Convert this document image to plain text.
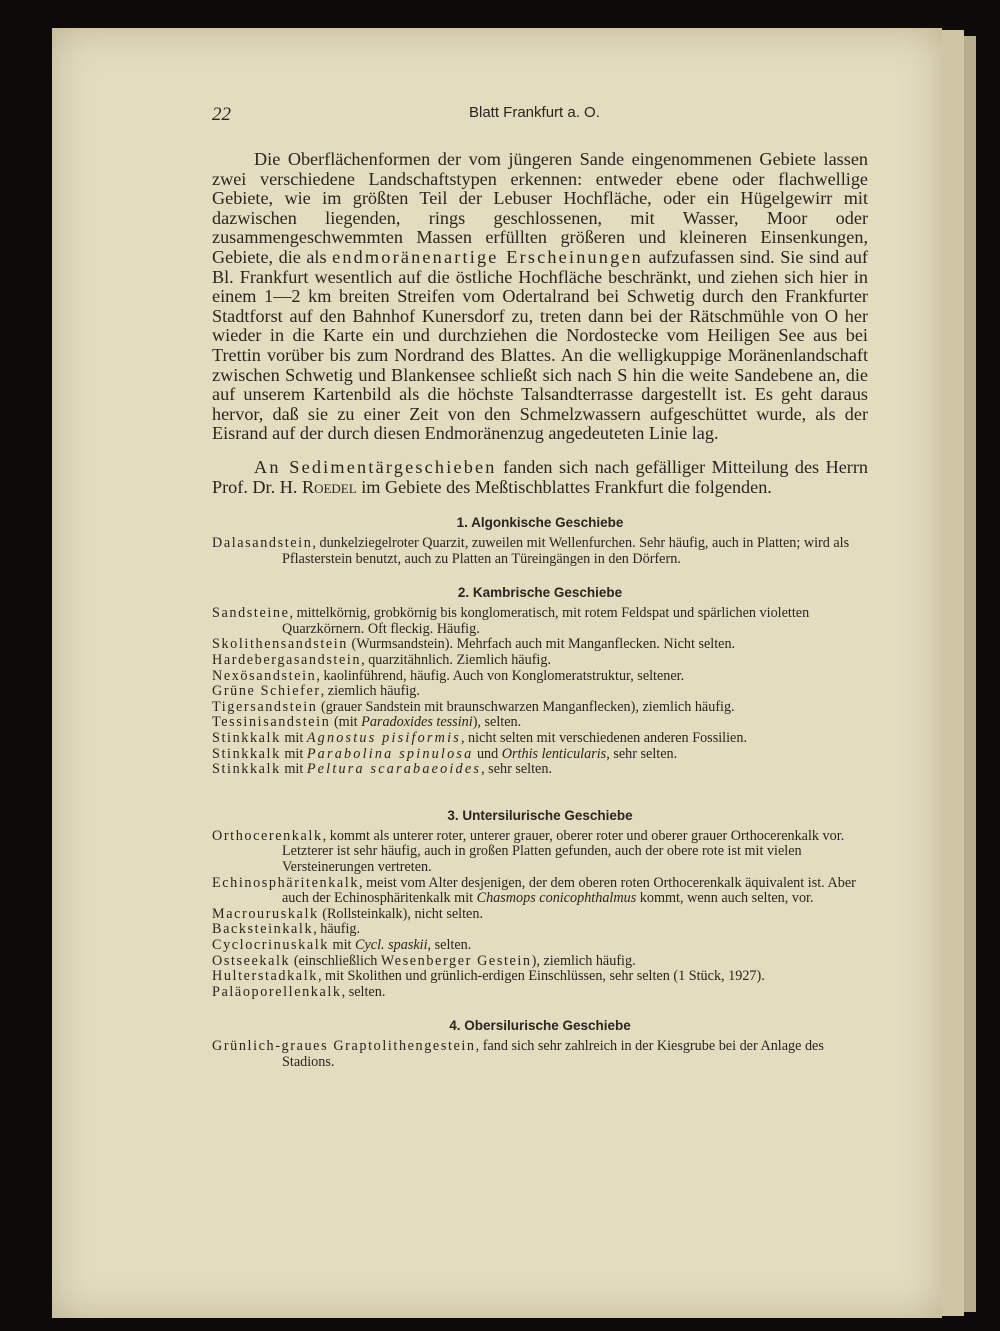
22	Blatt Frankfurt a. O.

Die Oberflächenformen der vom jüngeren Sande eingenommenen Gebiete lassen zwei verschiedene Landschaftstypen erkennen: entweder ebene oder flachwellige Gebiete, wie im größten Teil der Lebuser Hochfläche, oder ein Hügelgewirr mit dazwischen liegenden, rings geschlossenen, mit Wasser, Moor oder zusammengeschwemmten Massen erfüllten größeren und kleineren Einsenkungen, Gebiete, die als endmoränenartige Erscheinungen aufzufassen sind. Sie sind auf Bl. Frankfurt wesentlich auf die östliche Hochfläche beschränkt, und ziehen sich hier in einem 1—2 km breiten Streifen vom Odertalrand bei Schwetig durch den Frankfurter Stadtforst auf den Bahnhof Kunersdorf zu, treten dann bei der Rätschmühle von O her wieder in die Karte ein und durchziehen die Nordostecke vom Heiligen See aus bei Trettin vorüber bis zum Nordrand des Blattes. An die welligkuppige Moränenlandschaft zwischen Schwetig und Blankensee schließt sich nach S hin die weite Sandebene an, die auf unserem Kartenbild als die höchste Talsandterrasse dargestellt ist. Es geht daraus hervor, daß sie zu einer Zeit von den Schmelzwassern aufgeschüttet wurde, als der Eisrand auf der durch diesen Endmoränenzug angedeuteten Linie lag.

An Sedimentärgeschieben fanden sich nach gefälliger Mitteilung des Herrn Prof. Dr. H. Roedel im Gebiete des Meßtischblattes Frankfurt die folgenden.

1. Algonkische Geschiebe
Dalasandstein, dunkelziegelroter Quarzit, zuweilen mit Wellenfurchen. Sehr häufig, auch in Platten; wird als Pflasterstein benutzt, auch zu Platten an Türeingängen in den Dörfern.
2. Kambrische Geschiebe
Sandsteine, mittelkörnig, grobkörnig bis konglomeratisch, mit rotem Feldspat und spärlichen violetten Quarzkörnern. Oft fleckig. Häufig.
Skolithensandstein (Wurmsandstein). Mehrfach auch mit Manganflecken. Nicht selten.
Hardebergasandstein, quarzitähnlich. Ziemlich häufig.
Nexösandstein, kaolinführend, häufig. Auch von Konglomeratstruktur, seltener.
Grüne Schiefer, ziemlich häufig.
Tigersandstein (grauer Sandstein mit braunschwarzen Manganflecken), ziemlich häufig.
Tessinisandstein (mit Paradoxides tessini), selten.
Stinkkalk mit Agnostus pisiformis, nicht selten mit verschiedenen anderen Fossilien.
Stinkkalk mit Parabolina spinulosa und Orthis lenticularis, sehr selten.
Stinkkalk mit Peltura scarabaeoides, sehr selten.
3. Untersilurische Geschiebe
Orthocerenkalk, kommt als unterer roter, unterer grauer, oberer roter und oberer grauer Orthocerenkalk vor. Letzterer ist sehr häufig, auch in großen Platten gefunden, auch der obere rote ist mit vielen Versteinerungen vertreten.
Echinosphäritenkalk, meist vom Alter desjenigen, der dem oberen roten Orthocerenkalk äquivalent ist. Aber auch der Echinosphäritenkalk mit Chasmops conicophthalmus kommt, wenn auch selten, vor.
Macrouruskalk (Rollsteinkalk), nicht selten.
Backsteinkalk, häufig.
Cyclocrinuskalk mit Cycl. spaskii, selten.
Ostseekalk (einschließlich Wesenberger Gestein), ziemlich häufig.
Hulterstadkalk, mit Skolithen und grünlich-erdigen Einschlüssen, sehr selten (1 Stück, 1927).
Paläoporellenkalk, selten.
4. Obersilurische Geschiebe
Grünlich-graues Graptolithengestein, fand sich sehr zahlreich in der Kiesgrube bei der Anlage des Stadions.
